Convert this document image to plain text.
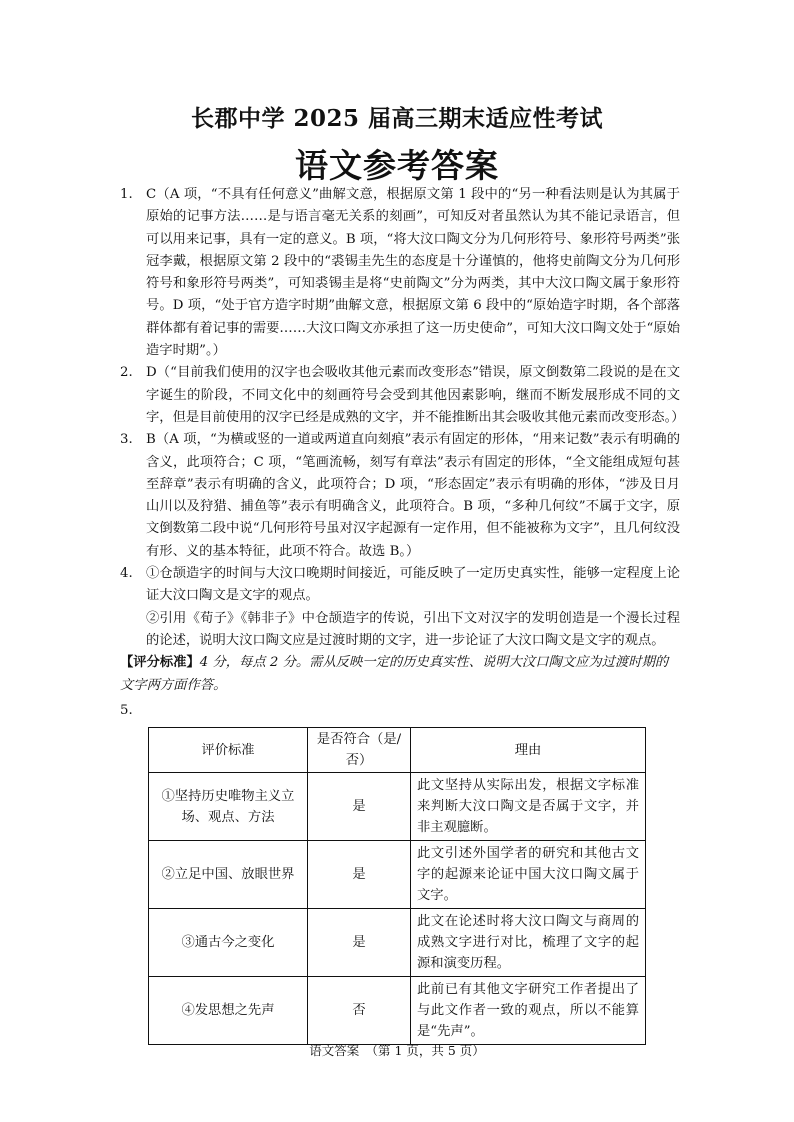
长郡中学 2025 届高三期末适应性考试
语文参考答案
1.	C（A 项，“不具有任何意义”曲解文意，根据原文第 1 段中的“另一种看法则是认为其属于原始的记事方法……是与语言毫无关系的刻画”，可知反对者虽然认为其不能记录语言，但可以用来记事，具有一定的意义。B 项，“将大汶口陶文分为几何形符号、象形符号两类”张冠李戴，根据原文第 2 段中的“裘锡圭先生的态度是十分谨慎的，他将史前陶文分为几何形符号和象形符号两类”，可知裘锡圭是将“史前陶文”分为两类，其中大汶口陶文属于象形符号。D 项，“处于官方造字时期”曲解文意，根据原文第 6 段中的“原始造字时期，各个部落群体都有着记事的需要……大汶口陶文亦承担了这一历史使命”，可知大汶口陶文处于“原始造字时期”。）

2.	D（“目前我们使用的汉字也会吸收其他元素而改变形态”错误，原文倒数第二段说的是在文字诞生的阶段，不同文化中的刻画符号会受到其他因素影响，继而不断发展形成不同的文字，但是目前使用的汉字已经是成熟的文字，并不能推断出其会吸收其他元素而改变形态。）

3.	B（A 项，“为横或竖的一道或两道直向刻痕”表示有固定的形体，“用来记数”表示有明确的含义，此项符合；C 项，“笔画流畅，刻写有章法”表示有固定的形体，“全文能组成短句甚至辞章”表示有明确的含义，此项符合；D 项，“形态固定”表示有明确的形体，“涉及日月山川以及狩猎、捕鱼等”表示有明确含义，此项符合。B 项，“多种几何纹”不属于文字，原文倒数第二段中说“几何形符号虽对汉字起源有一定作用，但不能被称为文字”，且几何纹没有形、义的基本特征，此项不符合。故选 B。）

4.	①仓颉造字的时间与大汶口晚期时间接近，可能反映了一定历史真实性，能够一定程度上论证大汶口陶文是文字的观点。

②引用《荀子》《韩非子》中仓颉造字的传说，引出下文对汉字的发明创造是一个漫长过程的论述，说明大汶口陶文应是过渡时期的文字，进一步论证了大汶口陶文是文字的观点。

【评分标准】4 分，每点 2 分。需从反映一定的历史真实性、说明大汶口陶文应为过渡时期的文字两方面作答。

5.
评价标准	是否符合（是/否）	理由
①坚持历史唯物主义立场、观点、方法	是	此文坚持从实际出发，根据文字标准来判断大汶口陶文是否属于文字，并非主观臆断。
②立足中国、放眼世界	是	此文引述外国学者的研究和其他古文字的起源来论证中国大汶口陶文属于文字。
③通古今之变化	是	此文在论述时将大汶口陶文与商周的成熟文字进行对比，梳理了文字的起源和演变历程。
④发思想之先声	否	此前已有其他文字研究工作者提出了与此文作者一致的观点，所以不能算是“先声”。
语文答案　（第 1 页，共 5 页）
